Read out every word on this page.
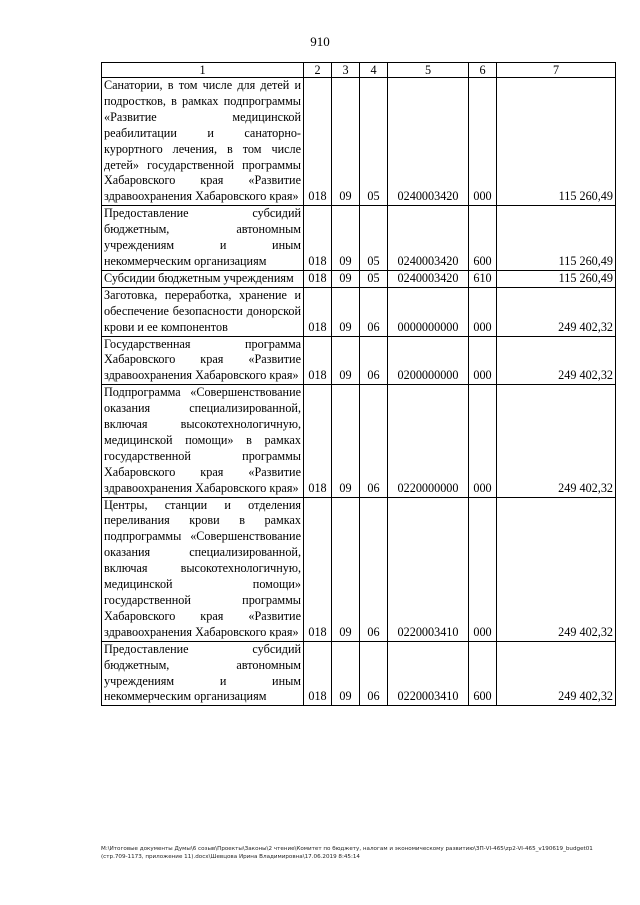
910
1	2	3	4	5	6	7
Санатории, в том числе для детей и подростков, в рамках подпрограммы «Развитие медицинской реабилитации и санаторно-курортного лечения, в том числе детей» государственной программы Хабаровского края «Развитие здравоохранения Хабаровского края»	018	09	05	0240003420	000	115 260,49
Предоставление субсидий бюджетным, автономным учреждениям и иным некоммерческим организациям	018	09	05	0240003420	600	115 260,49
Субсидии бюджетным учреждениям	018	09	05	0240003420	610	115 260,49
Заготовка, переработка, хранение и обеспечение безопасности донорской крови и ее компонентов	018	09	06	0000000000	000	249 402,32
Государственная программа Хабаровского края «Развитие здравоохранения Хабаровского края»	018	09	06	0200000000	000	249 402,32
Подпрограмма «Совершенствование оказания специализированной, включая высокотехнологичную, медицинской помощи» в рамках государственной программы Хабаровского края «Развитие здравоохранения Хабаровского края»	018	09	06	0220000000	000	249 402,32
Центры, станции и отделения переливания крови в рамках подпрограммы «Совершенствование оказания специализированной, включая высокотехнологичную, медицинской помощи» государственной программы Хабаровского края «Развитие здравоохранения Хабаровского края»	018	09	06	0220003410	000	249 402,32
Предоставление субсидий бюджетным, автономным учреждениям и иным некоммерческим организациям	018	09	06	0220003410	600	249 402,32
M:\Итоговые документы Думы\6 созыв\Проекты\Законы\2 чтение\Комитет по бюджету, налогам и экономическому развитию\ЗП-VI-465\zp2-VI-465_v190619_budget01 (стр.709-1173, приложение 11).docx\Шевцова Ирина Владимировна\17.06.2019 8:45:14
